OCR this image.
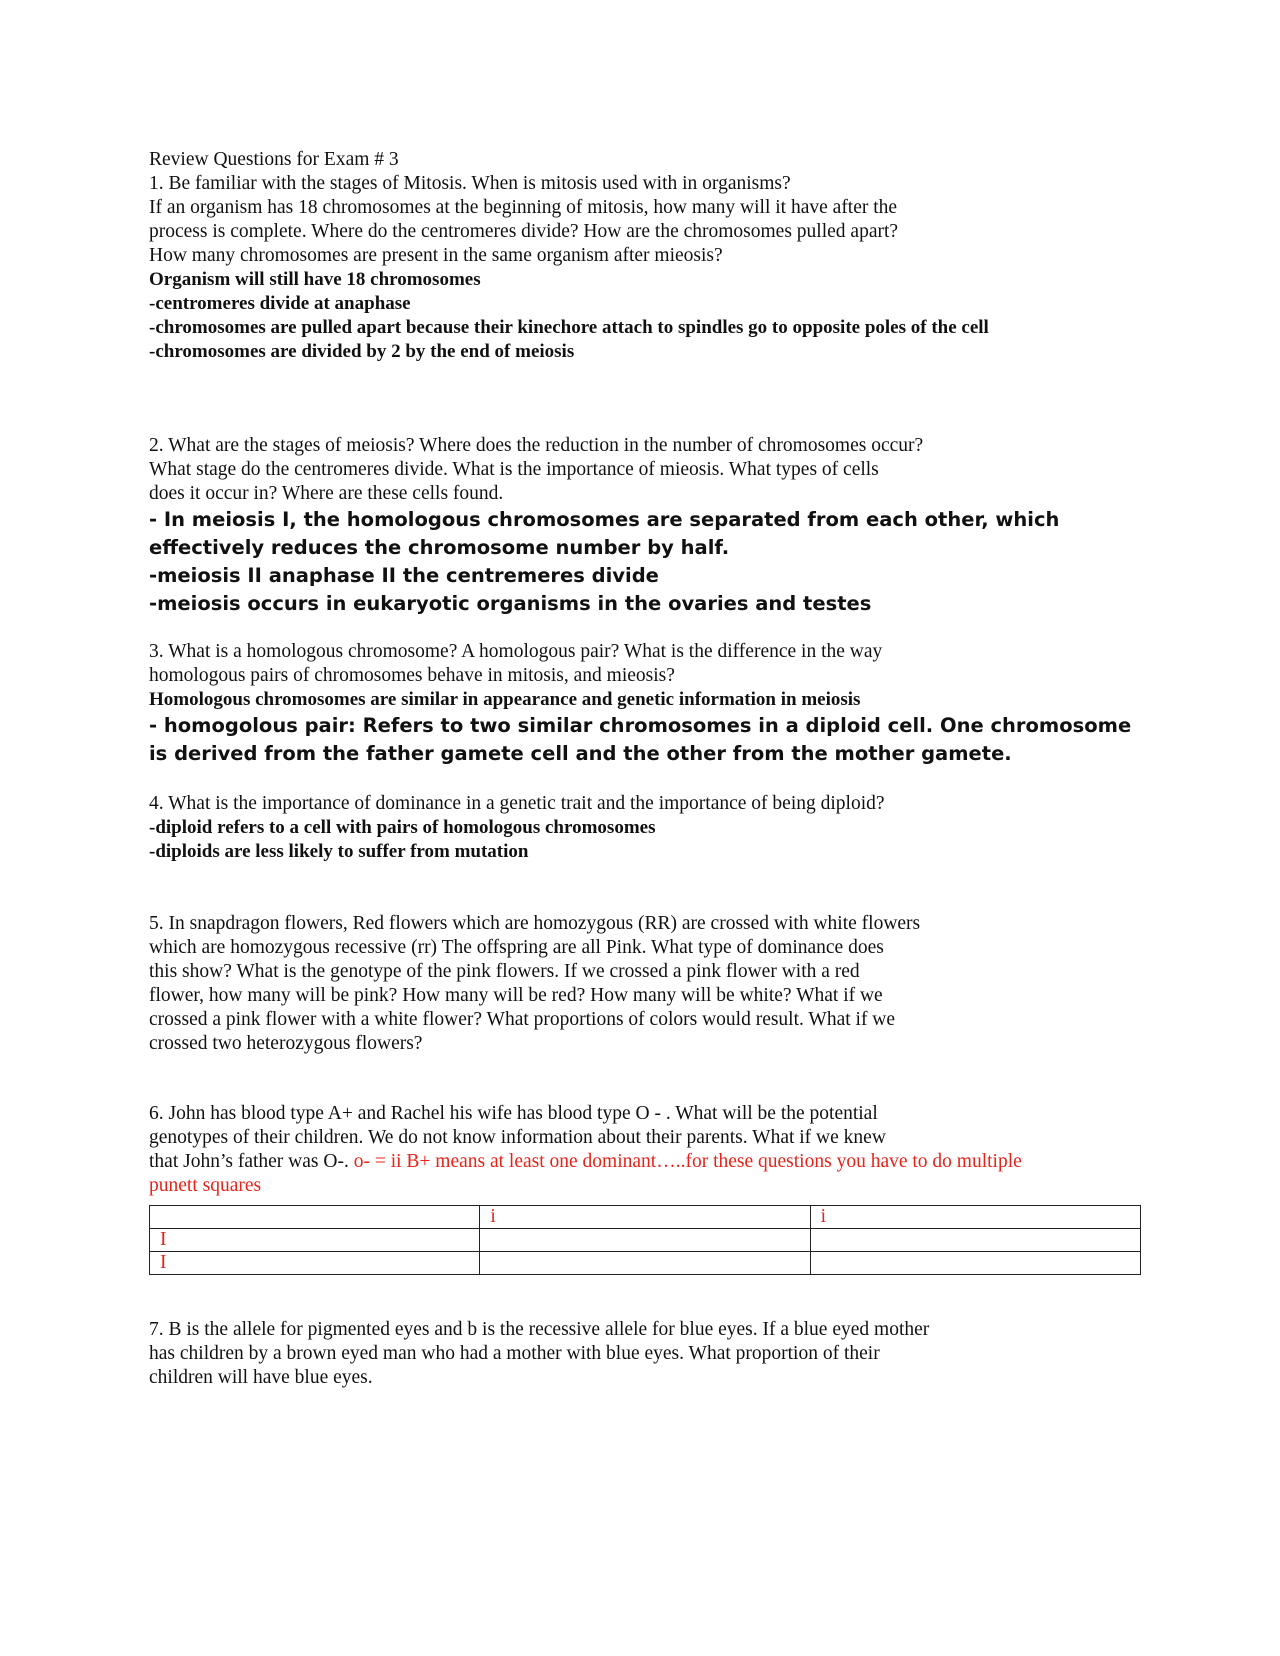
Review Questions for Exam # 3
1. Be familiar with the stages of Mitosis. When is mitosis used with in organisms?
If an organism has 18 chromosomes at the beginning of mitosis, how many will it have after the
process is complete. Where do the centromeres divide? How are the chromosomes pulled apart?
How many chromosomes are present in the same organism after mieosis?
Organism will still have 18 chromosomes
-centromeres divide at anaphase
-chromosomes are pulled apart because their kinechore attach to spindles go to opposite poles of the cell
-chromosomes are divided by 2 by the end of meiosis
2. What are the stages of meiosis? Where does the reduction in the number of chromosomes occur?
What stage do the centromeres divide. What is the importance of mieosis. What types of cells
does it occur in? Where are these cells found.
- In meiosis I, the homologous chromosomes are separated from each other, which effectively reduces the chromosome number by half.
-meiosis II anaphase II the centremeres divide
-meiosis occurs in eukaryotic organisms in the ovaries and testes
3. What is a homologous chromosome? A homologous pair? What is the difference in the way
homologous pairs of chromosomes behave in mitosis, and mieosis?
Homologous chromosomes are similar in appearance and genetic information in meiosis
- homogolous pair: Refers to two similar chromosomes in a diploid cell. One chromosome is derived from the father gamete cell and the other from the mother gamete.
4. What is the importance of dominance in a genetic trait and the importance of being diploid?
-diploid refers to a cell with pairs of homologous chromosomes
-diploids are less likely to suffer from mutation
5. In snapdragon flowers, Red flowers which are homozygous (RR) are crossed with white flowers
which are homozygous recessive (rr) The offspring are all Pink. What type of dominance does
this show? What is the genotype of the pink flowers. If we crossed a pink flower with a red
flower, how many will be pink? How many will be red? How many will be white? What if we
crossed a pink flower with a white flower? What proportions of colors would result. What if we
crossed two heterozygous flowers?
6. John has blood type A+ and Rachel his wife has blood type O - . What will be the potential
genotypes of their children. We do not know information about their parents. What if we knew
that John’s father was O-. o- = ii B+ means at least one dominant…..for these questions you have to do multiple
punett squares
	i	i
I		
I		
7. B is the allele for pigmented eyes and b is the recessive allele for blue eyes. If a blue eyed mother
has children by a brown eyed man who had a mother with blue eyes. What proportion of their
children will have blue eyes.
